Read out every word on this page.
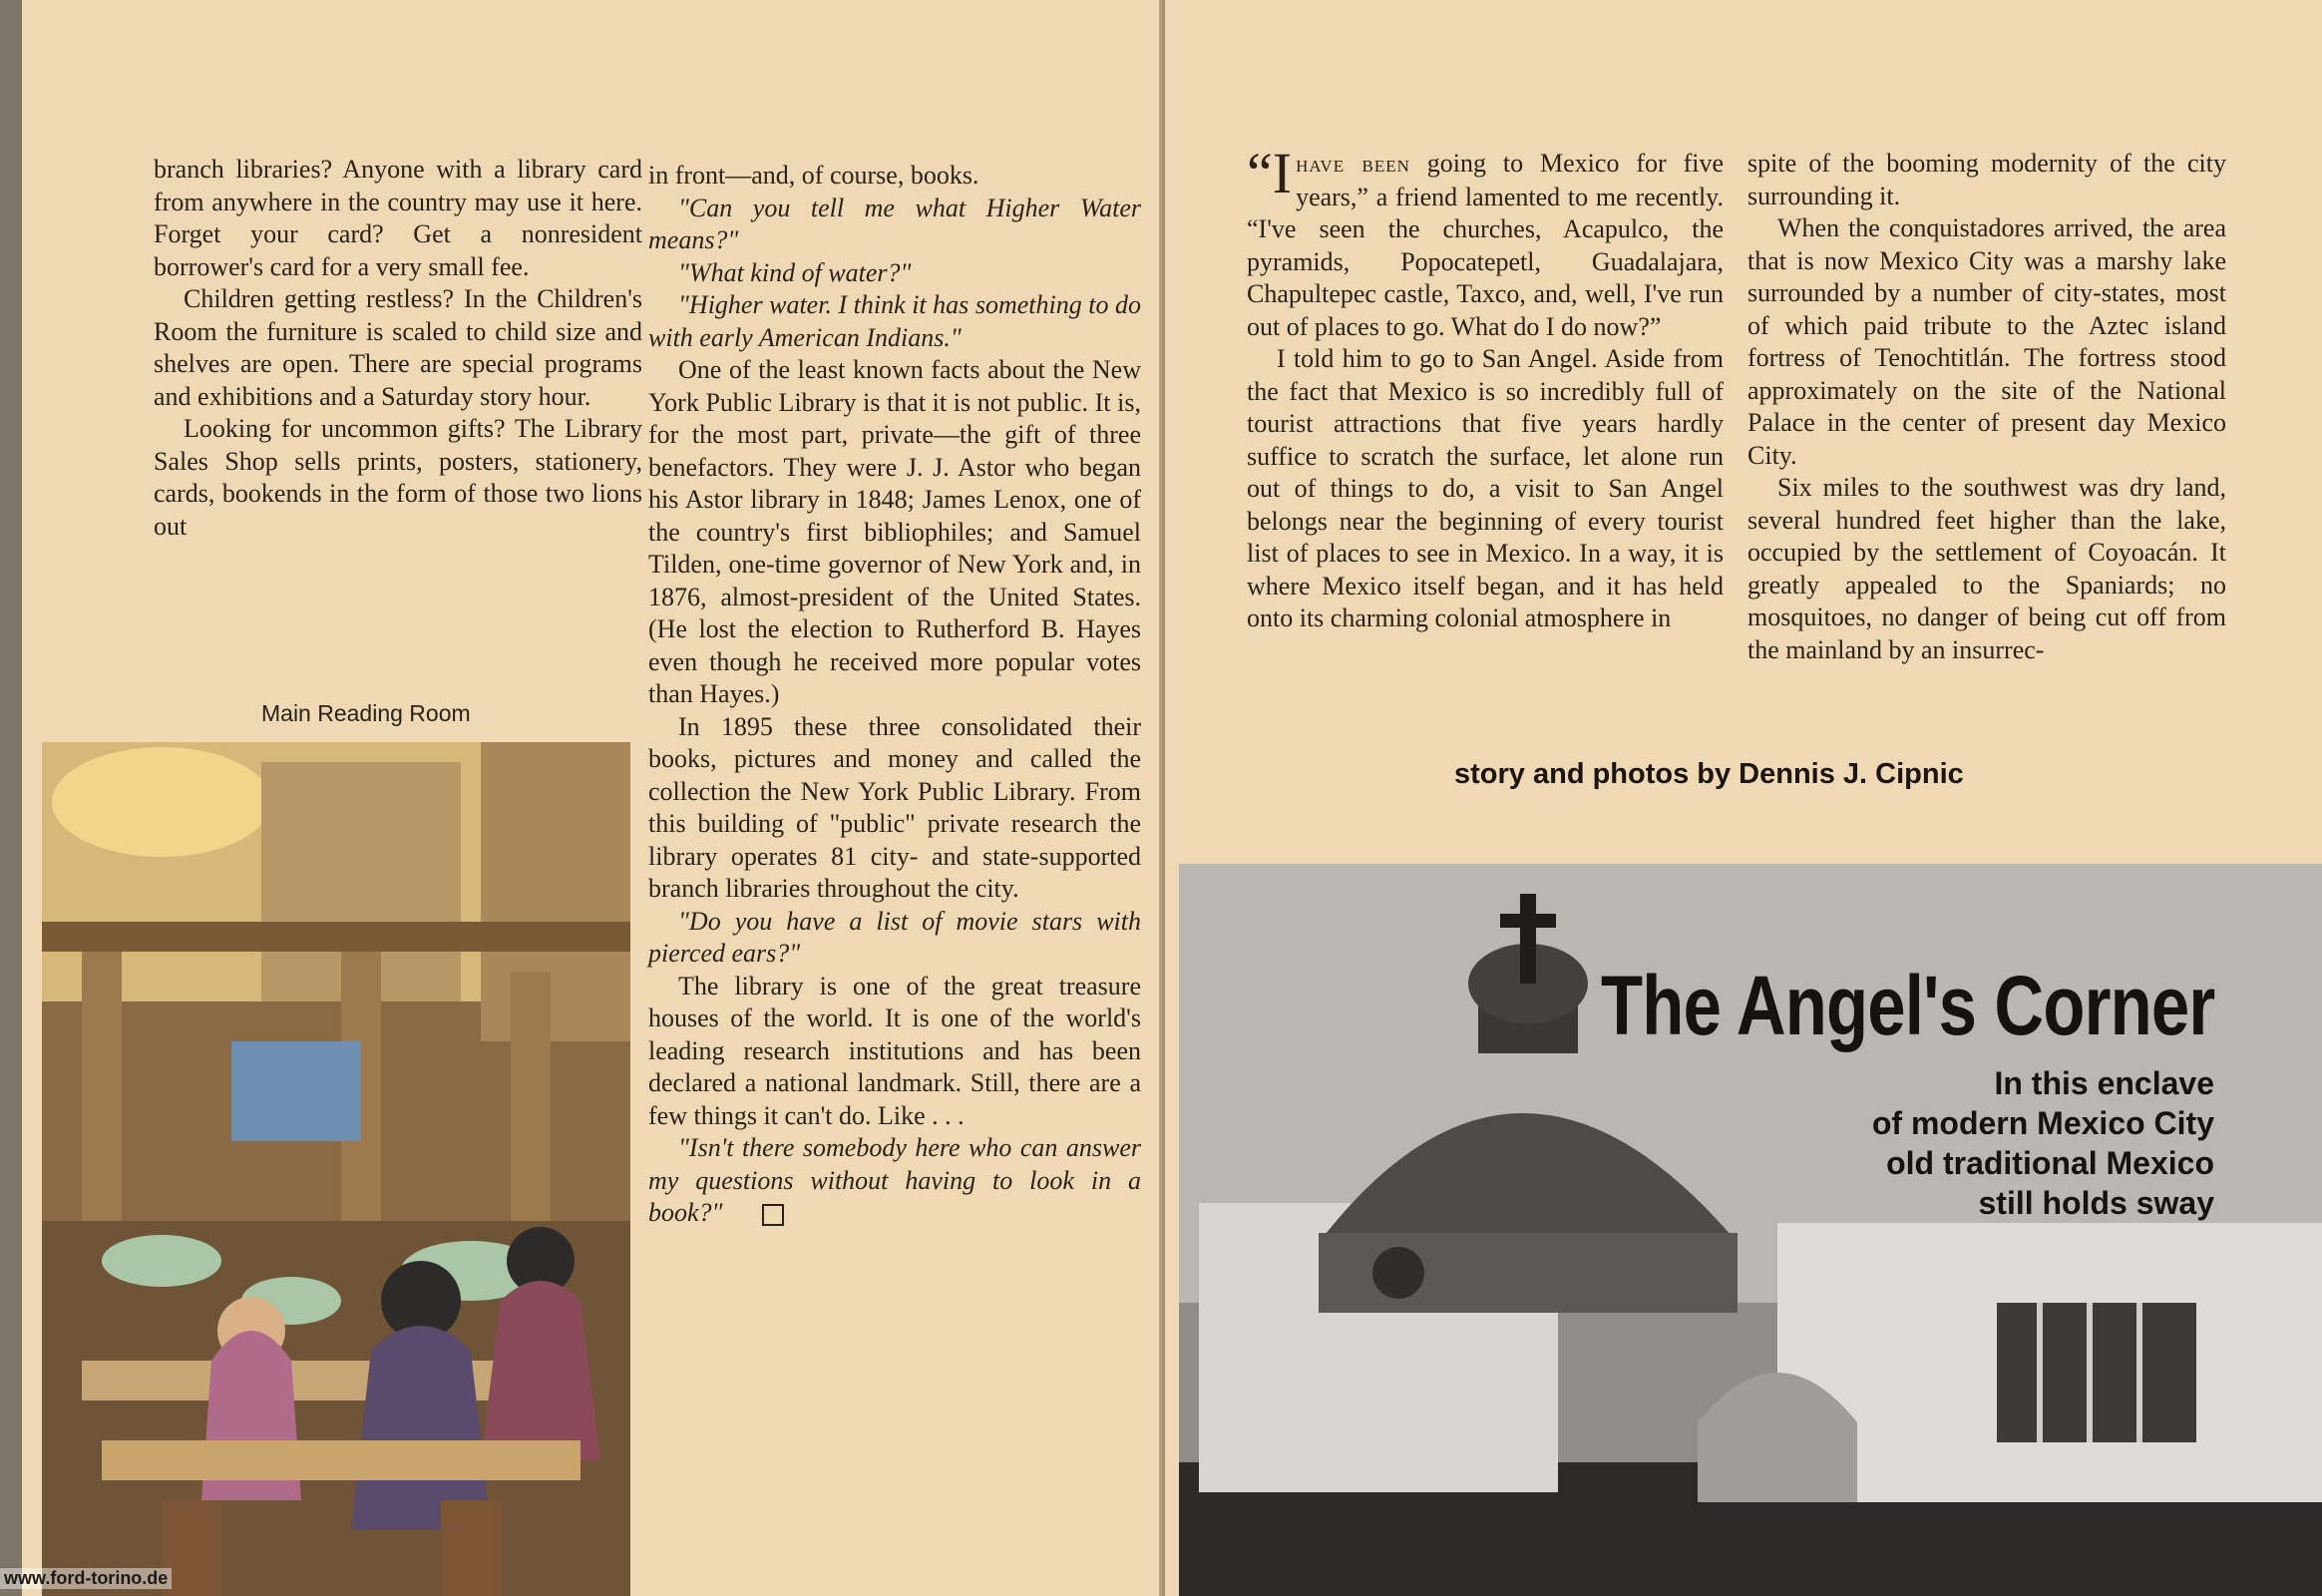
branch libraries? Anyone with a library card from anywhere in the country may use it here. Forget your card? Get a nonresident borrower's card for a very small fee.

Children getting restless? In the Children's Room the furniture is scaled to child size and shelves are open. There are special programs and exhibitions and a Saturday story hour.

Looking for uncommon gifts? The Library Sales Shop sells prints, posters, stationery, cards, bookends in the form of those two lions out

Main Reading Room

in front—and, of course, books.

"Can you tell me what Higher Water means?"

"What kind of water?"

"Higher water. I think it has something to do with early American Indians."

One of the least known facts about the New York Public Library is that it is not public. It is, for the most part, private—the gift of three benefactors. They were J. J. Astor who began his Astor library in 1848; James Lenox, one of the country's first bibliophiles; and Samuel Tilden, one-time governor of New York and, in 1876, almost-president of the United States. (He lost the election to Rutherford B. Hayes even though he received more popular votes than Hayes.)

In 1895 these three consolidated their books, pictures and money and called the collection the New York Public Library. From this building of "public" private research the library operates 81 city- and state-supported branch libraries throughout the city.

"Do you have a list of movie stars with pierced ears?"

The library is one of the great treasure houses of the world. It is one of the world's leading research institutions and has been declared a national landmark. Still, there are a few things it can't do. Like . . .

"Isn't there somebody here who can answer my questions without having to look in a book?"

“Ihave been going to Mexico for five years,” a friend lamented to me recently. “I've seen the churches, Acapulco, the pyramids, Popocatepetl, Guadalajara, Chapultepec castle, Taxco, and, well, I've run out of places to go. What do I do now?”

I told him to go to San Angel. Aside from the fact that Mexico is so incredibly full of tourist attractions that five years hardly suffice to scratch the surface, let alone run out of things to do, a visit to San Angel belongs near the beginning of every tourist list of places to see in Mexico. In a way, it is where Mexico itself began, and it has held onto its charming colonial atmosphere in

spite of the booming modernity of the city surrounding it.

When the conquistadores arrived, the area that is now Mexico City was a marshy lake surrounded by a number of city-states, most of which paid tribute to the Aztec island fortress of Tenochtitlán. The fortress stood approximately on the site of the National Palace in the center of present day Mexico City.

Six miles to the southwest was dry land, several hundred feet higher than the lake, occupied by the settlement of Coyoacán. It greatly appealed to the Spaniards; no mosquitoes, no danger of being cut off from the mainland by an insurrec-

story and photos by Dennis J. Cipnic
The Angel's Corner
In this enclave
of modern Mexico City
old traditional Mexico
still holds sway
www.ford-torino.de
